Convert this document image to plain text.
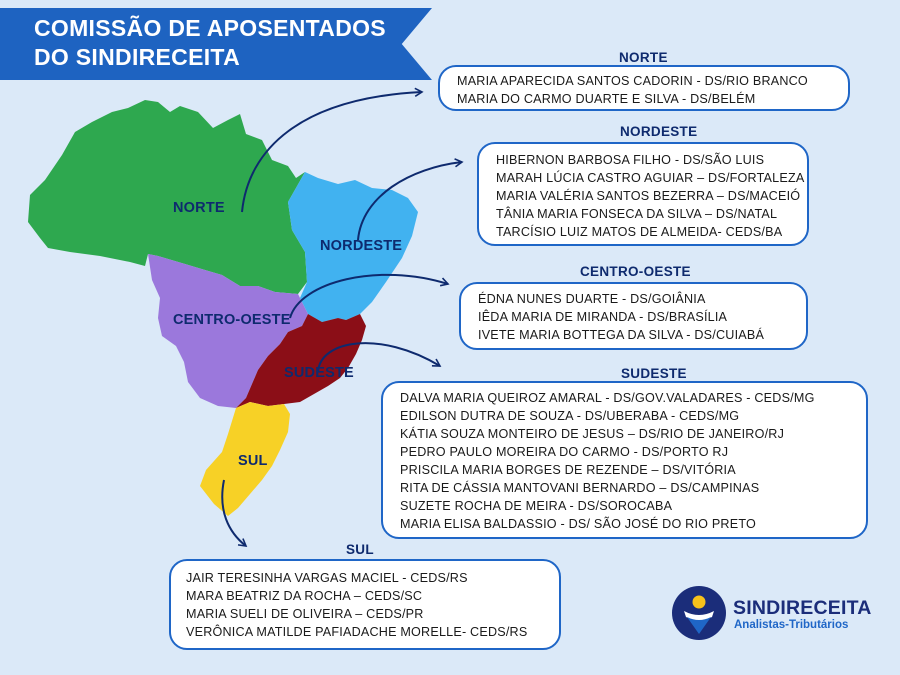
COMISSÃO DE APOSENTADOS
DO SINDIRECEITA
NORTE
NORDESTE
CENTRO-OESTE
SUDESTE
SUL
NORTE
MARIA APARECIDA SANTOS CADORIN - DS/RIO BRANCO
MARIA DO CARMO DUARTE E SILVA - DS/BELÉM
NORDESTE
HIBERNON BARBOSA FILHO - DS/SÃO LUIS
MARAH LÚCIA CASTRO AGUIAR – DS/FORTALEZA
MARIA VALÉRIA SANTOS BEZERRA – DS/MACEIÓ
TÂNIA MARIA FONSECA DA SILVA – DS/NATAL
TARCÍSIO LUIZ MATOS DE ALMEIDA- CEDS/BA
CENTRO-OESTE
ÉDNA NUNES DUARTE - DS/GOIÂNIA
IÊDA MARIA DE MIRANDA - DS/BRASÍLIA
IVETE MARIA BOTTEGA DA SILVA - DS/CUIABÁ
SUDESTE
DALVA MARIA QUEIROZ AMARAL - DS/GOV.VALADARES - CEDS/MG
EDILSON DUTRA DE SOUZA - DS/UBERABA - CEDS/MG
KÁTIA SOUZA MONTEIRO DE JESUS – DS/RIO DE JANEIRO/RJ
PEDRO PAULO MOREIRA DO CARMO - DS/PORTO RJ
PRISCILA MARIA BORGES DE REZENDE – DS/VITÓRIA
RITA DE CÁSSIA MANTOVANI BERNARDO – DS/CAMPINAS
SUZETE ROCHA DE MEIRA - DS/SOROCABA
MARIA ELISA BALDASSIO - DS/ SÃO JOSÉ DO RIO PRETO
SUL
JAIR TERESINHA VARGAS MACIEL - CEDS/RS
MARA BEATRIZ DA ROCHA – CEDS/SC
MARIA SUELI DE OLIVEIRA – CEDS/PR
VERÔNICA MATILDE PAFIADACHE MORELLE- CEDS/RS
SINDIRECEITA
Analistas-Tributários
